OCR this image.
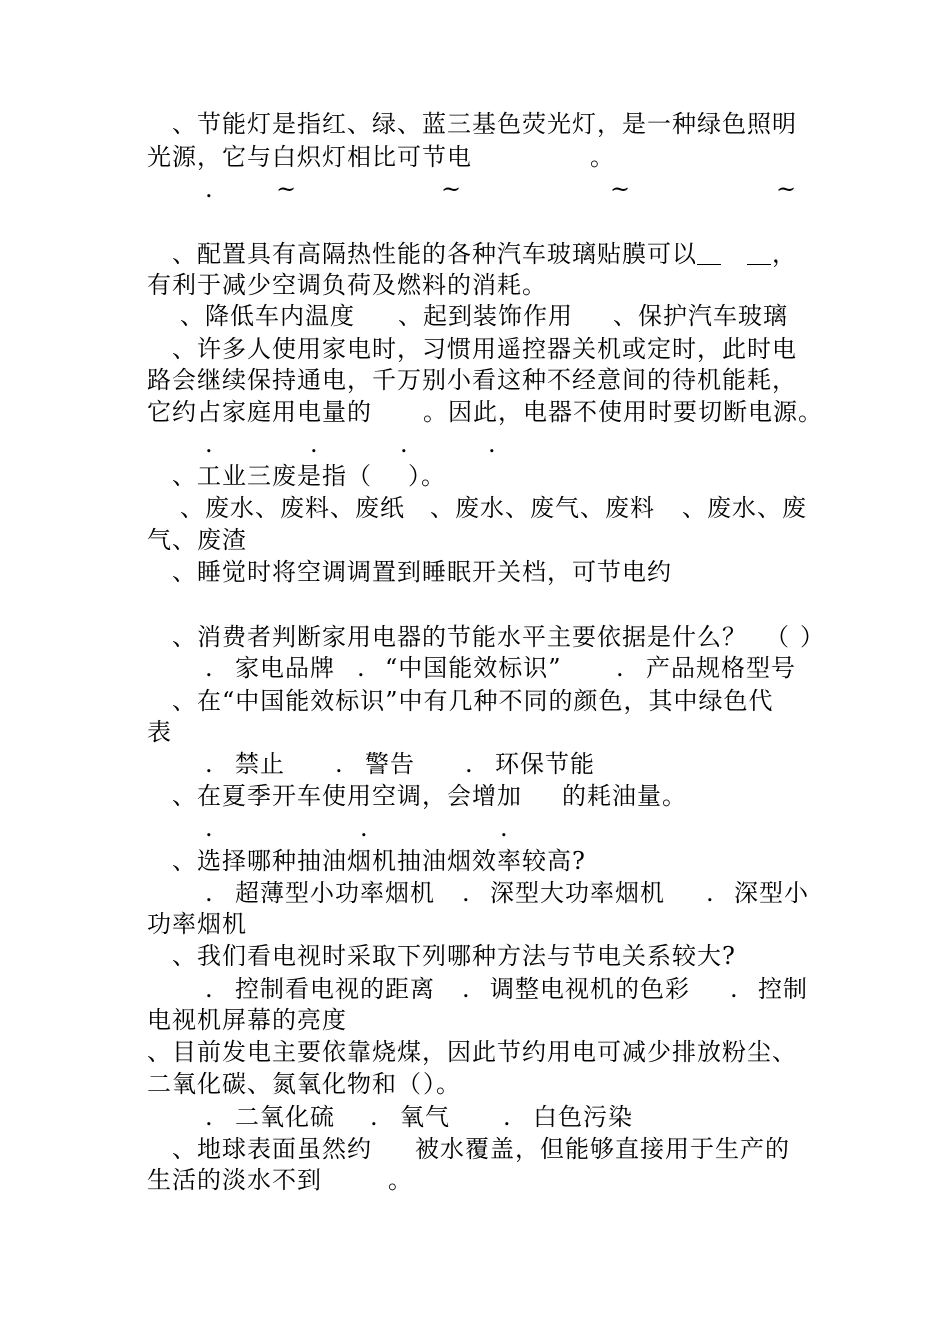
、节能灯是指红、绿、蓝三基色荧光灯，是一种绿色照明
光源，它与白炽灯相比可节电	。
.	~	~	~	~
、配置具有高隔热性能的各种汽车玻璃贴膜可以＿　＿，
有利于减少空调负荷及燃料的消耗。
、降低车内温度 、起到装饰作用 、保护汽车玻璃
、许多人使用家电时，习惯用遥控器关机或定时，此时电
路会继续保持通电，千万别小看这种不经意间的待机能耗，
它约占家庭用电量的 。因此，电器不使用时要切断电源。
.	.	.	.
、工业三废是指（ ）。
、废水、废料、废纸 、废水、废气、废料 、废水、废
气、废渣
、睡觉时将空调调置到睡眠开关档，可节电约
、消费者判断家用电器的节能水平主要依据是什么？ （ ）
. 家电品牌 . “中国能效标识” . 产品规格型号
、在“中国能效标识”中有几种不同的颜色，其中绿色代
表
. 禁止 . 警告 . 环保节能
、在夏季开车使用空调，会增加 的耗油量。
.	.	.
、选择哪种抽油烟机抽油烟效率较高?
. 超薄型小功率烟机 . 深型大功率烟机 . 深型小
功率烟机
、我们看电视时采取下列哪种方法与节电关系较大?
. 控制看电视的距离 . 调整电视机的色彩 . 控制
电视机屏幕的亮度
、目前发电主要依靠烧煤，因此节约用电可减少排放粉尘、
二氧化碳、氮氧化物和（ ）。
. 二氧化硫 . 氧气 . 白色污染
、地球表面虽然约 被水覆盖，但能够直接用于生产的
生活的淡水不到	。
